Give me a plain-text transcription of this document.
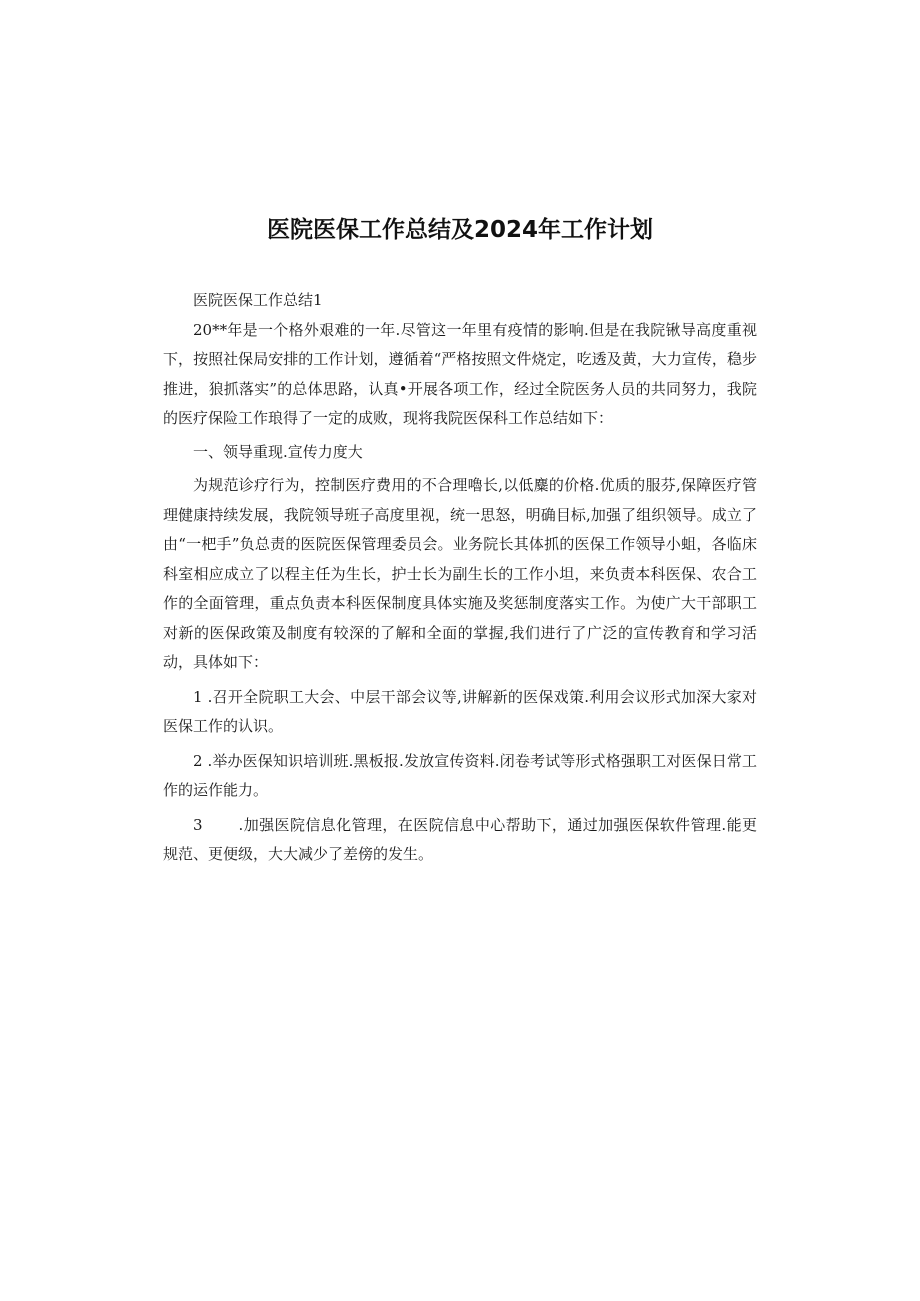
医院医保工作总结及2024年工作计划

医院医保工作总结1

20**年是一个格外艰难的一年.尽管这一年里有疫情的影响.但是在我院锹导高度重视下，按照社保局安排的工作计划，遵循着“严格按照文件烧定，吃透及黄，大力宣传，稳步推进，狼抓落实”的总体思路，认真•开展各项工作，经过全院医务人员的共同努力，我院的医疗保险工作琅得了一定的成败，现将我院医保科工作总结如下：

一、领导重现.宣传力度大

为规范诊疗行为，控制医疗费用的不合理嚕长,以低麋的价格.优质的服芬,保障医疗管理健康持续发展，我院领导班子高度里视，统一思怒，明确目标,加强了组织领导。成立了由“一杷手”负总责的医院医保管理委员会。业务院长其体抓的医保工作领导小蛆，各临床科室相应成立了以程主任为生长，护士长为副生长的工作小坦，来负责本科医保、农合工作的全面管理，重点负责本科医保制度具体实施及奖惩制度落实工作。为使广大干部职工对新的医保政策及制度有较深的了解和全面的掌握,我们进行了广泛的宣传教育和学习活动，具体如下：

1 .召开全院职工大会、中层干部会议等,讲解新的医保戏策.利用会议形式加深大家对医保工作的认识。

2 .举办医保知识培训班.黑板报.发放宣传资料.闭卷考试等形式格强职工对医保日常工作的运作能力。

3 .加强医院信息化管理，在医院信息中心帮助下，通过加强医保软件管理.能更规范、更便级，大大减少了差傍的发生。
